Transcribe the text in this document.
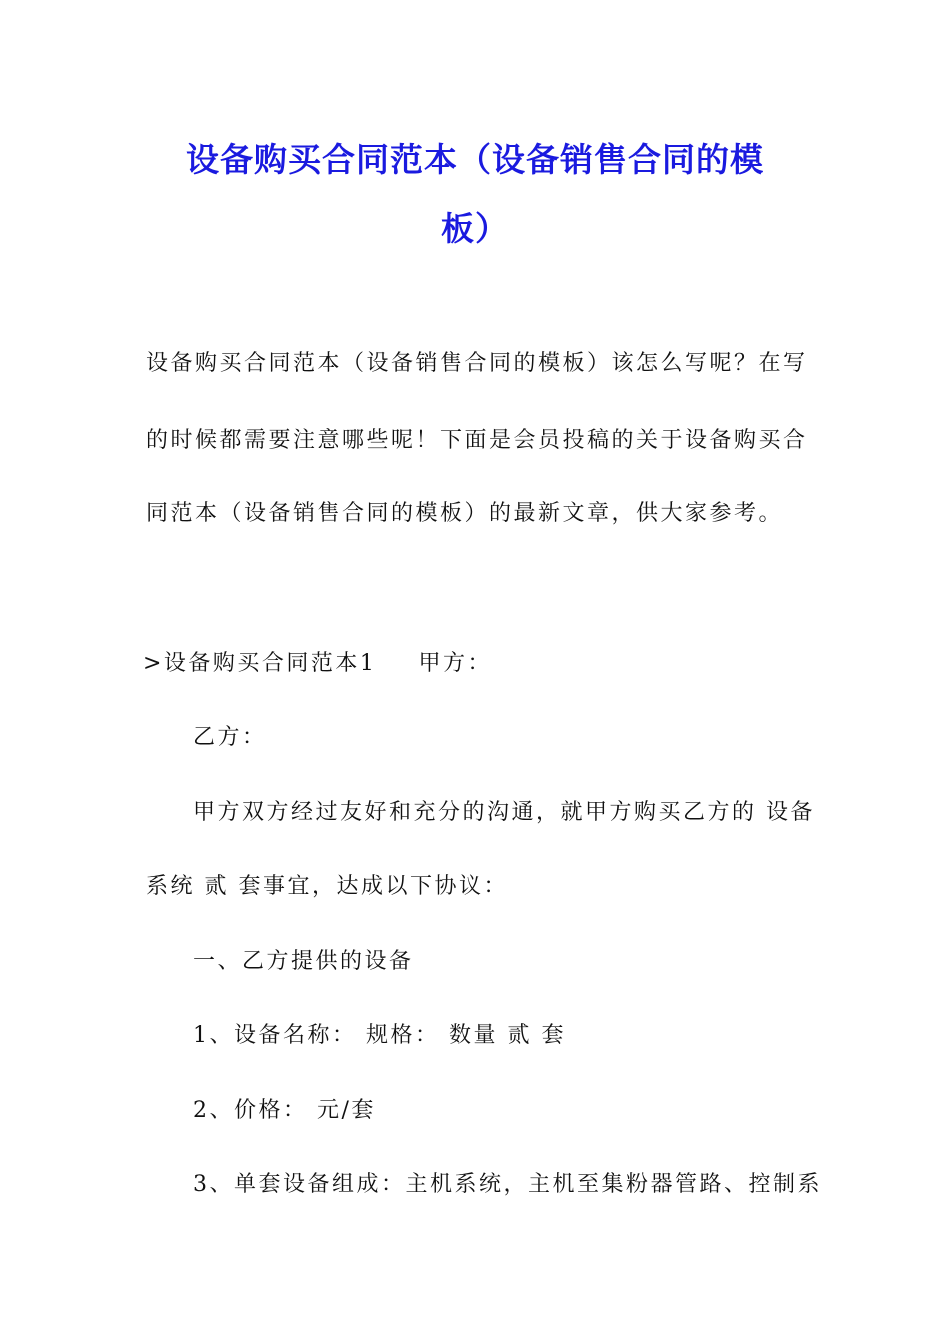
设备购买合同范本（设备销售合同的模
板）

设备购买合同范本（设备销售合同的模板）该怎么写呢？在写

的时候都需要注意哪些呢！下面是会员投稿的关于设备购买合

同范本（设备销售合同的模板）的最新文章，供大家参考。

>设备购买合同范本1 甲方：

乙方：

甲方双方经过友好和充分的沟通，就甲方购买乙方的 设备

系统 贰 套事宜，达成以下协议：

一、乙方提供的设备

1、设备名称： 规格： 数量 贰 套

2、价格： 元/套

3、单套设备组成：主机系统，主机至集粉器管路、控制系
